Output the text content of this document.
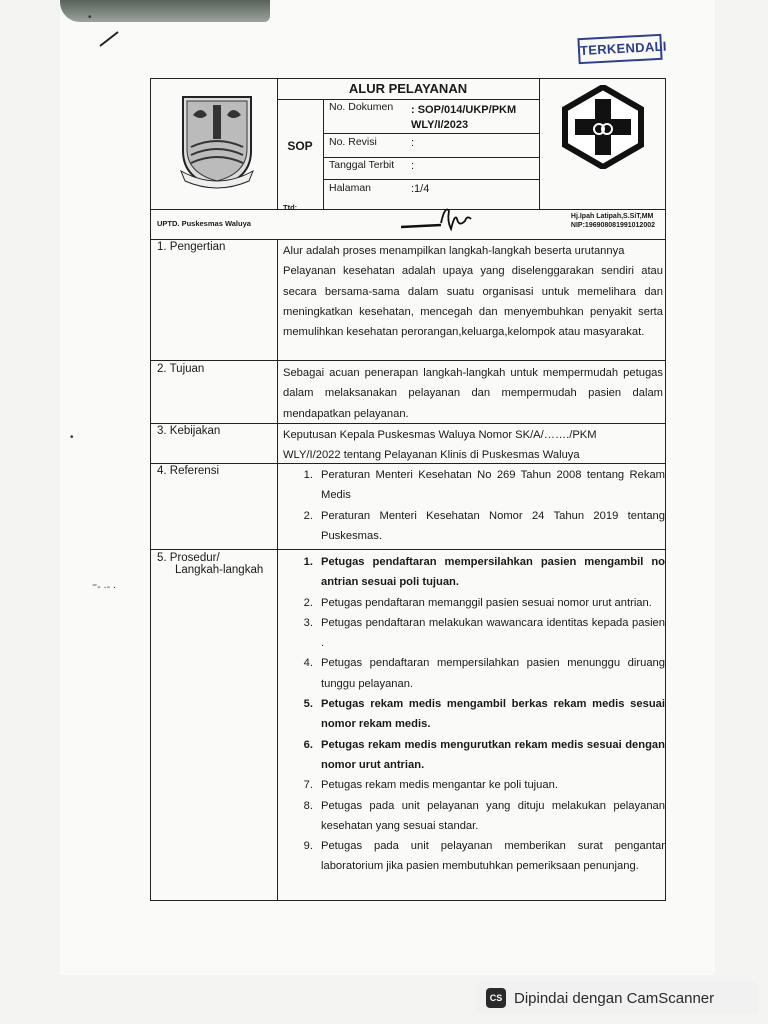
•
TERKENDALI
ALUR PELAYANAN
SOP
No. Dokumen : SOP/014/UKP/PKM WLY/I/2023
No. Revisi	:
Tanggal Terbit :
Halaman	:1/4
UPTD. Puskesmas Waluya
Ttd:
Hj.Ipah Latipah,S.SiT,MM
NIP:196908081991012002
1. Pengertian	Alur adalah proses menampilkan langkah-langkah beserta urutannya
Pelayanan kesehatan adalah upaya yang diselenggarakan sendiri atau secara bersama-sama dalam suatu organisasi untuk memelihara dan meningkatkan kesehatan, mencegah dan menyembuhkan penyakit serta memulihkan kesehatan perorangan,keluarga,kelompok atau masyarakat.
2. Tujuan	Sebagai acuan penerapan langkah-langkah untuk mempermudah petugas dalam melaksanakan pelayanan dan mempermudah pasien dalam mendapatkan pelayanan.
3. Kebijakan	Keputusan Kepala Puskesmas Waluya Nomor SK/A/……./PKM
WLY/I/2022 tentang Pelayanan Klinis di Puskesmas Waluya
4. Referensi	1. Peraturan Menteri Kesehatan No 269 Tahun 2008 tentang Rekam Medis
2. Peraturan Menteri Kesehatan Nomor 24 Tahun 2019 tentang Puskesmas.
5. Prosedur/
Langkah-langkah
1. Petugas pendaftaran mempersilahkan pasien mengambil no antrian sesuai poli tujuan.
2. Petugas pendaftaran memanggil pasien sesuai nomor urut antrian.
3. Petugas pendaftaran melakukan wawancara identitas kepada pasien .
4. Petugas pendaftaran mempersilahkan pasien menunggu diruang tunggu pelayanan.
5. Petugas rekam medis mengambil berkas rekam medis sesuai nomor rekam medis.
6. Petugas rekam medis mengurutkan rekam medis sesuai dengan nomor urut antrian.
7. Petugas rekam medis mengantar ke poli tujuan.
8. Petugas pada unit pelayanan yang dituju melakukan pelayanan kesehatan yang sesuai standar.
9. Petugas pada unit pelayanan memberikan surat pengantar laboratorium jika pasien membutuhkan pemeriksaan penunjang.
⁼- ·- ·
•
CS Dipindai dengan CamScanner
